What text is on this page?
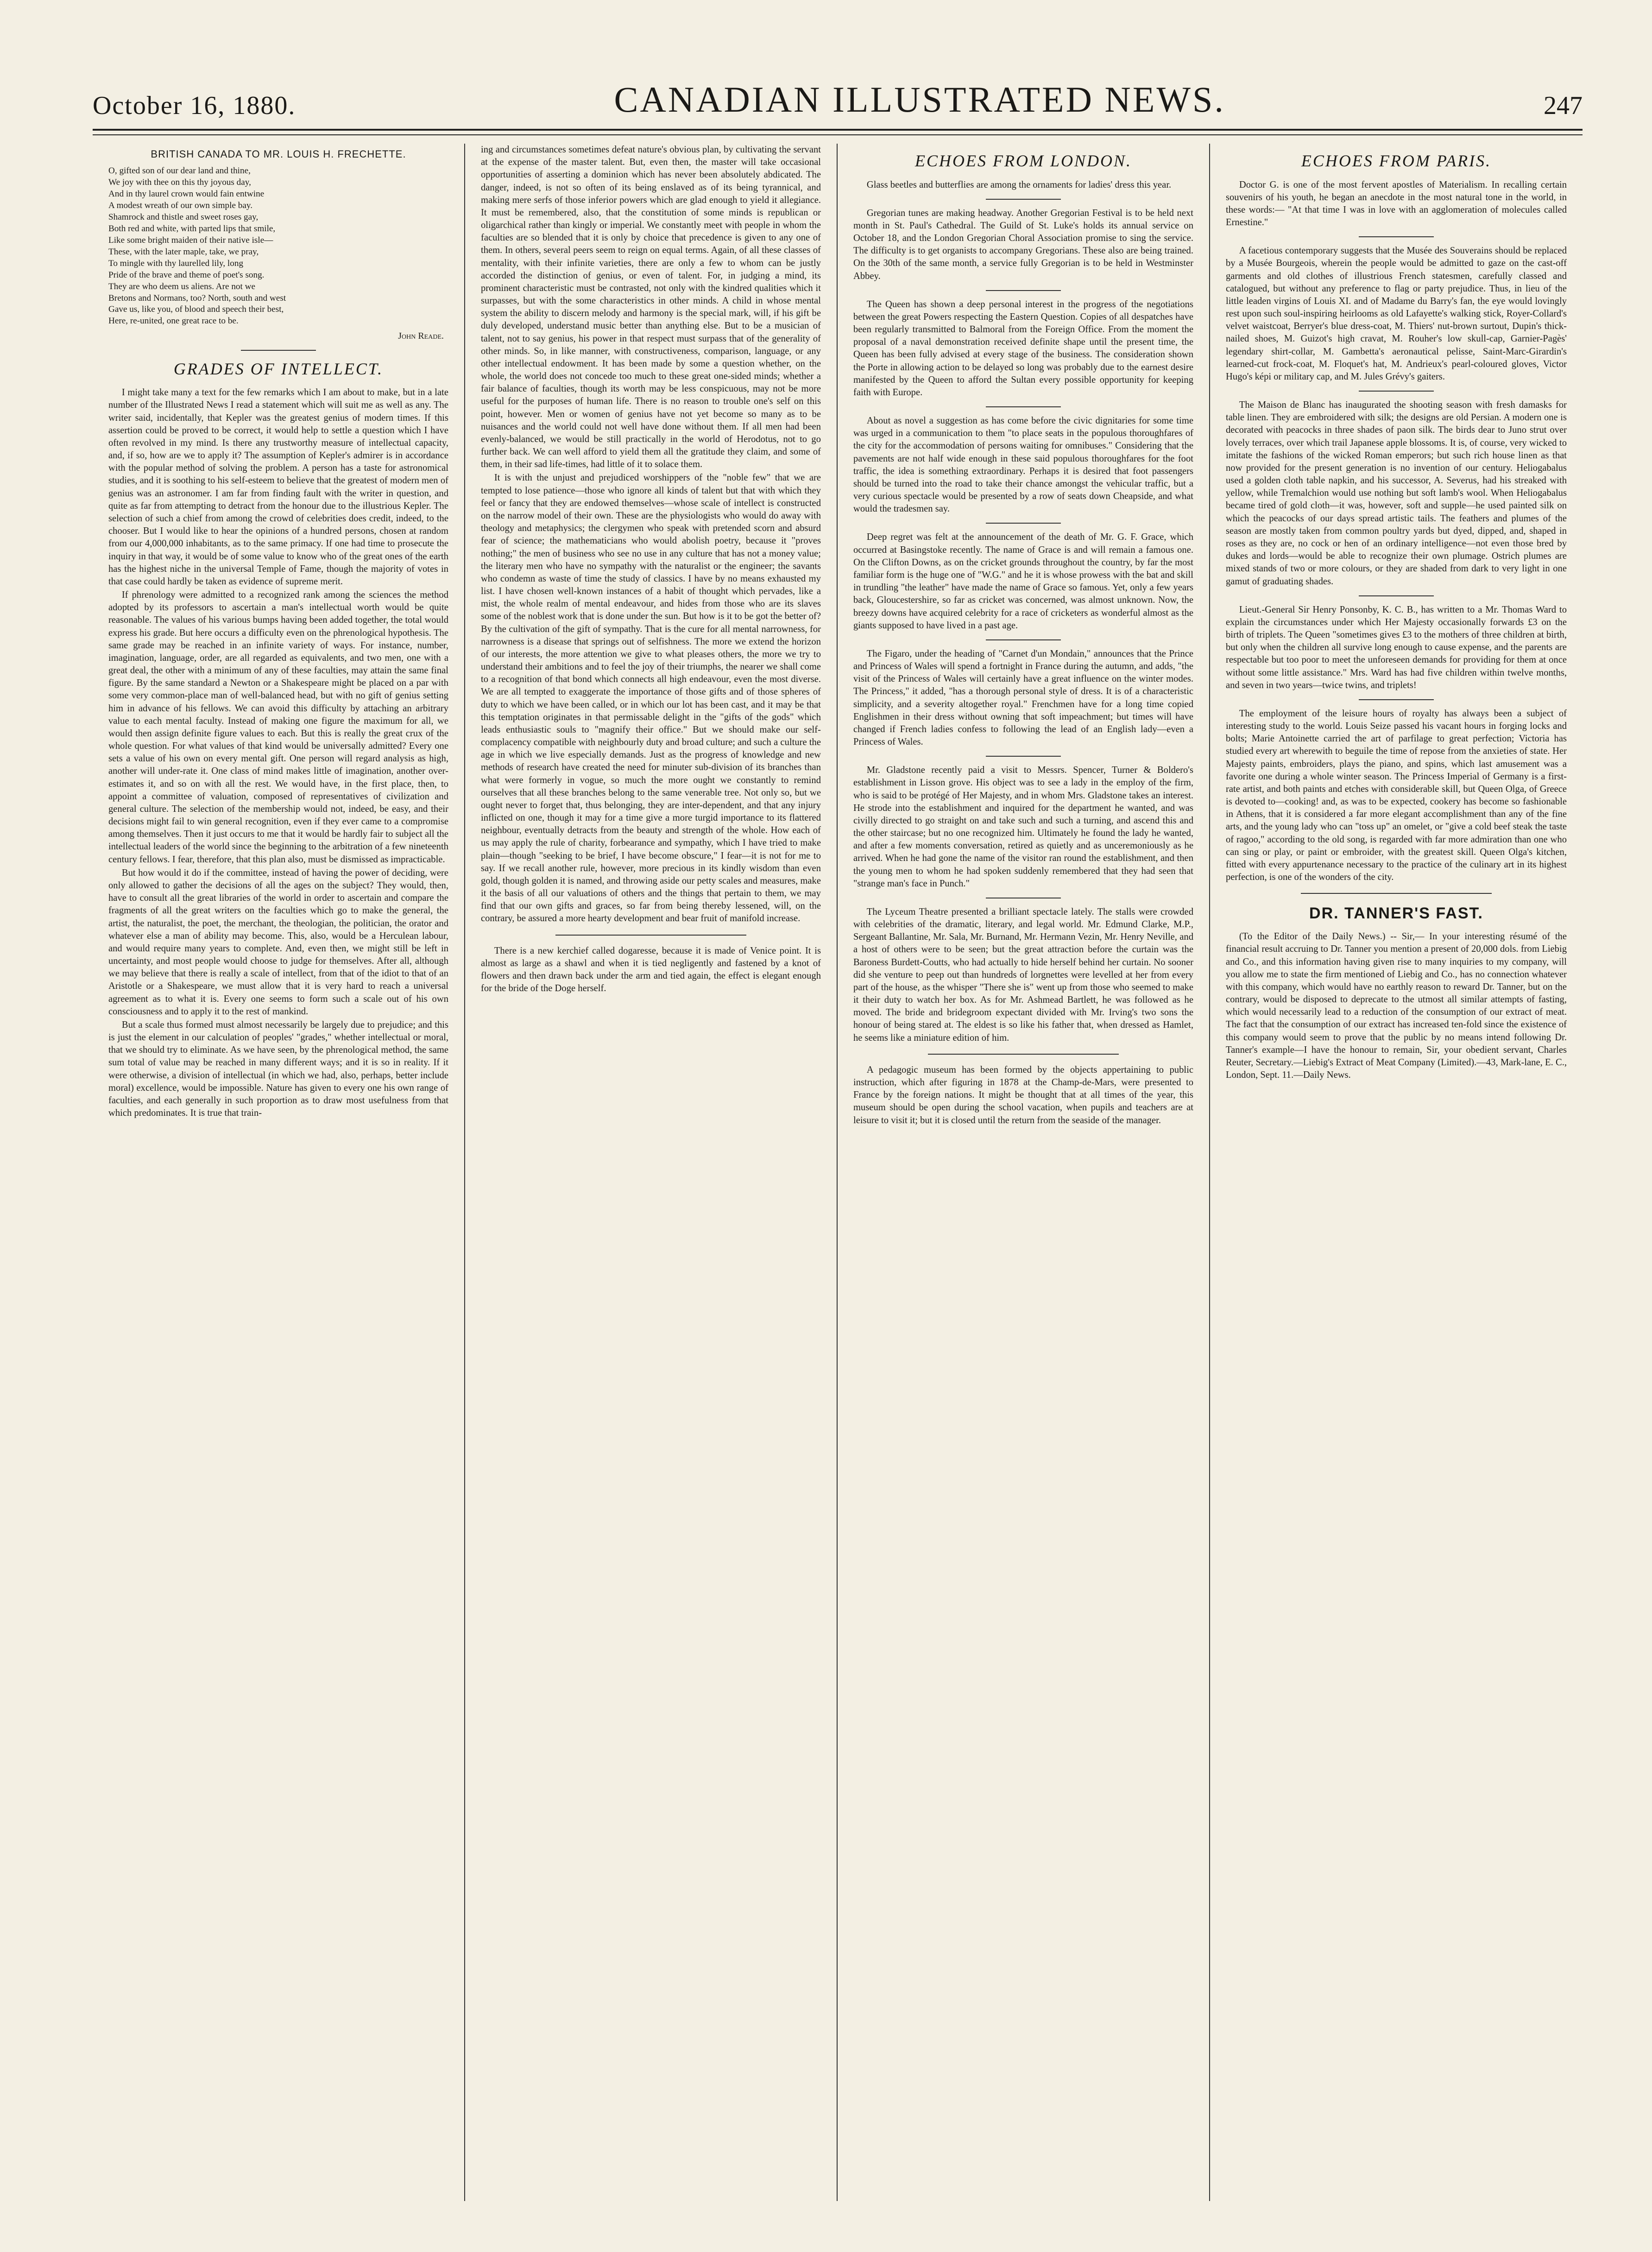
October 16, 1880.	CANADIAN ILLUSTRATED NEWS.	247
BRITISH CANADA TO MR. LOUIS H. FRECHETTE.

O, gifted son of our dear land and thine,

We joy with thee on this thy joyous day,

And in thy laurel crown would fain entwine

A modest wreath of our own simple bay.

Shamrock and thistle and sweet roses gay,

Both red and white, with parted lips that smile,

Like some bright maiden of their native isle—

These, with the later maple, take, we pray,

To mingle with thy laurelled lily, long

Pride of the brave and theme of poet's song.

They are who deem us aliens. Are not we

Bretons and Normans, too? North, south and west

Gave us, like you, of blood and speech their best,

Here, re-united, one great race to be.

John Reade.
GRADES OF INTELLECT.

I might take many a text for the few remarks which I am about to make, but in a late number of the Illustrated News I read a statement which will suit me as well as any. The writer said, incidentally, that Kepler was the greatest genius of modern times. If this assertion could be proved to be correct, it would help to settle a question which I have often revolved in my mind. Is there any trustworthy measure of intellectual capacity, and, if so, how are we to apply it? The assumption of Kepler's admirer is in accordance with the popular method of solving the problem. A person has a taste for astronomical studies, and it is soothing to his self-esteem to believe that the greatest of modern men of genius was an astronomer. I am far from finding fault with the writer in question, and quite as far from attempting to detract from the honour due to the illustrious Kepler. The selection of such a chief from among the crowd of celebrities does credit, indeed, to the chooser. But I would like to hear the opinions of a hundred persons, chosen at random from our 4,000,000 inhabitants, as to the same primacy. If one had time to prosecute the inquiry in that way, it would be of some value to know who of the great ones of the earth has the highest niche in the universal Temple of Fame, though the majority of votes in that case could hardly be taken as evidence of supreme merit.

If phrenology were admitted to a recognized rank among the sciences the method adopted by its professors to ascertain a man's intellectual worth would be quite reasonable. The values of his various bumps having been added together, the total would express his grade. But here occurs a difficulty even on the phrenological hypothesis. The same grade may be reached in an infinite variety of ways. For instance, number, imagination, language, order, are all regarded as equivalents, and two men, one with a great deal, the other with a minimum of any of these faculties, may attain the same final figure. By the same standard a Newton or a Shakespeare might be placed on a par with some very common-place man of well-balanced head, but with no gift of genius setting him in advance of his fellows. We can avoid this difficulty by attaching an arbitrary value to each mental faculty. Instead of making one figure the maximum for all, we would then assign definite figure values to each. But this is really the great crux of the whole question. For what values of that kind would be universally admitted? Every one sets a value of his own on every mental gift. One person will regard analysis as high, another will under-rate it. One class of mind makes little of imagination, another over-estimates it, and so on with all the rest. We would have, in the first place, then, to appoint a committee of valuation, composed of representatives of civilization and general culture. The selection of the membership would not, indeed, be easy, and their decisions might fail to win general recognition, even if they ever came to a compromise among themselves. Then it just occurs to me that it would be hardly fair to subject all the intellectual leaders of the world since the beginning to the arbitration of a few nineteenth century fellows. I fear, therefore, that this plan also, must be dismissed as impracticable.

But how would it do if the committee, instead of having the power of deciding, were only allowed to gather the decisions of all the ages on the subject? They would, then, have to consult all the great libraries of the world in order to ascertain and compare the fragments of all the great writers on the faculties which go to make the general, the artist, the naturalist, the poet, the merchant, the theologian, the politician, the orator and whatever else a man of ability may become. This, also, would be a Herculean labour, and would require many years to complete. And, even then, we might still be left in uncertainty, and most people would choose to judge for themselves. After all, although we may believe that there is really a scale of intellect, from that of the idiot to that of an Aristotle or a Shakespeare, we must allow that it is very hard to reach a universal agreement as to what it is. Every one seems to form such a scale out of his own consciousness and to apply it to the rest of mankind.

But a scale thus formed must almost necessarily be largely due to prejudice; and this is just the element in our calculation of peoples' "grades," whether intellectual or moral, that we should try to eliminate. As we have seen, by the phrenological method, the same sum total of value may be reached in many different ways; and it is so in reality. If it were otherwise, a division of intellectual (in which we had, also, perhaps, better include moral) excellence, would be impossible. Nature has given to every one his own range of faculties, and each generally in such proportion as to draw most usefulness from that which predominates. It is true that train-

ing and circumstances sometimes defeat nature's obvious plan, by cultivating the servant at the expense of the master talent. But, even then, the master will take occasional opportunities of asserting a dominion which has never been absolutely abdicated. The danger, indeed, is not so often of its being enslaved as of its being tyrannical, and making mere serfs of those inferior powers which are glad enough to yield it allegiance. It must be remembered, also, that the constitution of some minds is republican or oligarchical rather than kingly or imperial. We constantly meet with people in whom the faculties are so blended that it is only by choice that precedence is given to any one of them. In others, several peers seem to reign on equal terms. Again, of all these classes of mentality, with their infinite varieties, there are only a few to whom can be justly accorded the distinction of genius, or even of talent. For, in judging a mind, its prominent characteristic must be contrasted, not only with the kindred qualities which it surpasses, but with the some characteristics in other minds. A child in whose mental system the ability to discern melody and harmony is the special mark, will, if his gift be duly developed, understand music better than anything else. But to be a musician of talent, not to say genius, his power in that respect must surpass that of the generality of other minds. So, in like manner, with constructiveness, comparison, language, or any other intellectual endowment. It has been made by some a question whether, on the whole, the world does not concede too much to these great one-sided minds; whether a fair balance of faculties, though its worth may be less conspicuous, may not be more useful for the purposes of human life. There is no reason to trouble one's self on this point, however. Men or women of genius have not yet become so many as to be nuisances and the world could not well have done without them. If all men had been evenly-balanced, we would be still practically in the world of Herodotus, not to go further back. We can well afford to yield them all the gratitude they claim, and some of them, in their sad life-times, had little of it to solace them.

It is with the unjust and prejudiced worshippers of the "noble few" that we are tempted to lose patience—those who ignore all kinds of talent but that with which they feel or fancy that they are endowed themselves—whose scale of intellect is constructed on the narrow model of their own. These are the physiologists who would do away with theology and metaphysics; the clergymen who speak with pretended scorn and absurd fear of science; the mathematicians who would abolish poetry, because it "proves nothing;" the men of business who see no use in any culture that has not a money value; the literary men who have no sympathy with the naturalist or the engineer; the savants who condemn as waste of time the study of classics. I have by no means exhausted my list. I have chosen well-known instances of a habit of thought which pervades, like a mist, the whole realm of mental endeavour, and hides from those who are its slaves some of the noblest work that is done under the sun. But how is it to be got the better of? By the cultivation of the gift of sympathy. That is the cure for all mental narrowness, for narrowness is a disease that springs out of selfishness. The more we extend the horizon of our interests, the more attention we give to what pleases others, the more we try to understand their ambitions and to feel the joy of their triumphs, the nearer we shall come to a recognition of that bond which connects all high endeavour, even the most diverse. We are all tempted to exaggerate the importance of those gifts and of those spheres of duty to which we have been called, or in which our lot has been cast, and it may be that this temptation originates in that permissable delight in the "gifts of the gods" which leads enthusiastic souls to "magnify their office." But we should make our self-complacency compatible with neighbourly duty and broad culture; and such a culture the age in which we live especially demands. Just as the progress of knowledge and new methods of research have created the need for minuter sub-division of its branches than what were formerly in vogue, so much the more ought we constantly to remind ourselves that all these branches belong to the same venerable tree. Not only so, but we ought never to forget that, thus belonging, they are inter-dependent, and that any injury inflicted on one, though it may for a time give a more turgid importance to its flattered neighbour, eventually detracts from the beauty and strength of the whole. How each of us may apply the rule of charity, forbearance and sympathy, which I have tried to make plain—though "seeking to be brief, I have become obscure," I fear—it is not for me to say. If we recall another rule, however, more precious in its kindly wisdom than even gold, though golden it is named, and throwing aside our petty scales and measures, make it the basis of all our valuations of others and the things that pertain to them, we may find that our own gifts and graces, so far from being thereby lessened, will, on the contrary, be assured a more hearty development and bear fruit of manifold increase.

There is a new kerchief called dogaresse, because it is made of Venice point. It is almost as large as a shawl and when it is tied negligently and fastened by a knot of flowers and then drawn back under the arm and tied again, the effect is elegant enough for the bride of the Doge herself.

ECHOES FROM LONDON.

Glass beetles and butterflies are among the ornaments for ladies' dress this year.

Gregorian tunes are making headway. Another Gregorian Festival is to be held next month in St. Paul's Cathedral. The Guild of St. Luke's holds its annual service on October 18, and the London Gregorian Choral Association promise to sing the service. The difficulty is to get organists to accompany Gregorians. These also are being trained. On the 30th of the same month, a service fully Gregorian is to be held in Westminster Abbey.

The Queen has shown a deep personal interest in the progress of the negotiations between the great Powers respecting the Eastern Question. Copies of all despatches have been regularly transmitted to Balmoral from the Foreign Office. From the moment the proposal of a naval demonstration received definite shape until the present time, the Queen has been fully advised at every stage of the business. The consideration shown the Porte in allowing action to be delayed so long was probably due to the earnest desire manifested by the Queen to afford the Sultan every possible opportunity for keeping faith with Europe.

About as novel a suggestion as has come before the civic dignitaries for some time was urged in a communication to them "to place seats in the populous thoroughfares of the city for the accommodation of persons waiting for omnibuses." Considering that the pavements are not half wide enough in these said populous thoroughfares for the foot traffic, the idea is something extraordinary. Perhaps it is desired that foot passengers should be turned into the road to take their chance amongst the vehicular traffic, but a very curious spectacle would be presented by a row of seats down Cheapside, and what would the tradesmen say.

Deep regret was felt at the announcement of the death of Mr. G. F. Grace, which occurred at Basingstoke recently. The name of Grace is and will remain a famous one. On the Clifton Downs, as on the cricket grounds throughout the country, by far the most familiar form is the huge one of "W.G." and he it is whose prowess with the bat and skill in trundling "the leather" have made the name of Grace so famous. Yet, only a few years back, Gloucestershire, so far as cricket was concerned, was almost unknown. Now, the breezy downs have acquired celebrity for a race of cricketers as wonderful almost as the giants supposed to have lived in a past age.

The Figaro, under the heading of "Carnet d'un Mondain," announces that the Prince and Princess of Wales will spend a fortnight in France during the autumn, and adds, "the visit of the Princess of Wales will certainly have a great influence on the winter modes. The Princess," it added, "has a thorough personal style of dress. It is of a characteristic simplicity, and a severity altogether royal." Frenchmen have for a long time copied Englishmen in their dress without owning that soft impeachment; but times will have changed if French ladies confess to following the lead of an English lady—even a Princess of Wales.

Mr. Gladstone recently paid a visit to Messrs. Spencer, Turner & Boldero's establishment in Lisson grove. His object was to see a lady in the employ of the firm, who is said to be protégé of Her Majesty, and in whom Mrs. Gladstone takes an interest. He strode into the establishment and inquired for the department he wanted, and was civilly directed to go straight on and take such and such a turning, and ascend this and the other staircase; but no one recognized him. Ultimately he found the lady he wanted, and after a few moments conversation, retired as quietly and as unceremoniously as he arrived. When he had gone the name of the visitor ran round the establishment, and then the young men to whom he had spoken suddenly remembered that they had seen that "strange man's face in Punch."

The Lyceum Theatre presented a brilliant spectacle lately. The stalls were crowded with celebrities of the dramatic, literary, and legal world. Mr. Edmund Clarke, M.P., Sergeant Ballantine, Mr. Sala, Mr. Burnand, Mr. Hermann Vezin, Mr. Henry Neville, and a host of others were to be seen; but the great attraction before the curtain was the Baroness Burdett-Coutts, who had actually to hide herself behind her curtain. No sooner did she venture to peep out than hundreds of lorgnettes were levelled at her from every part of the house, as the whisper "There she is" went up from those who seemed to make it their duty to watch her box. As for Mr. Ashmead Bartlett, he was followed as he moved. The bride and bridegroom expectant divided with Mr. Irving's two sons the honour of being stared at. The eldest is so like his father that, when dressed as Hamlet, he seems like a miniature edition of him.

A pedagogic museum has been formed by the objects appertaining to public instruction, which after figuring in 1878 at the Champ-de-Mars, were presented to France by the foreign nations. It might be thought that at all times of the year, this museum should be open during the school vacation, when pupils and teachers are at leisure to visit it; but it is closed until the return from the seaside of the manager.

ECHOES FROM PARIS.

Doctor G. is one of the most fervent apostles of Materialism. In recalling certain souvenirs of his youth, he began an anecdote in the most natural tone in the world, in these words:— "At that time I was in love with an agglomeration of molecules called Ernestine."

A facetious contemporary suggests that the Musée des Souverains should be replaced by a Musée Bourgeois, wherein the people would be admitted to gaze on the cast-off garments and old clothes of illustrious French statesmen, carefully classed and catalogued, but without any preference to flag or party prejudice. Thus, in lieu of the little leaden virgins of Louis XI. and of Madame du Barry's fan, the eye would lovingly rest upon such soul-inspiring heirlooms as old Lafayette's walking stick, Royer-Collard's velvet waistcoat, Berryer's blue dress-coat, M. Thiers' nut-brown surtout, Dupin's thick-nailed shoes, M. Guizot's high cravat, M. Rouher's low skull-cap, Garnier-Pagès' legendary shirt-collar, M. Gambetta's aeronautical pelisse, Saint-Marc-Girardin's learned-cut frock-coat, M. Floquet's hat, M. Andrieux's pearl-coloured gloves, Victor Hugo's képi or military cap, and M. Jules Grévy's gaiters.

The Maison de Blanc has inaugurated the shooting season with fresh damasks for table linen. They are embroidered with silk; the designs are old Persian. A modern one is decorated with peacocks in three shades of paon silk. The birds dear to Juno strut over lovely terraces, over which trail Japanese apple blossoms. It is, of course, very wicked to imitate the fashions of the wicked Roman emperors; but such rich house linen as that now provided for the present generation is no invention of our century. Heliogabalus used a golden cloth table napkin, and his successor, A. Severus, had his streaked with yellow, while Tremalchion would use nothing but soft lamb's wool. When Heliogabalus became tired of gold cloth—it was, however, soft and supple—he used painted silk on which the peacocks of our days spread artistic tails. The feathers and plumes of the season are mostly taken from common poultry yards but dyed, dipped, and, shaped in roses as they are, no cock or hen of an ordinary intelligence—not even those bred by dukes and lords—would be able to recognize their own plumage. Ostrich plumes are mixed stands of two or more colours, or they are shaded from dark to very light in one gamut of graduating shades.

Lieut.-General Sir Henry Ponsonby, K. C. B., has written to a Mr. Thomas Ward to explain the circumstances under which Her Majesty occasionally forwards £3 on the birth of triplets. The Queen "sometimes gives £3 to the mothers of three children at birth, but only when the children all survive long enough to cause expense, and the parents are respectable but too poor to meet the unforeseen demands for providing for them at once without some little assistance." Mrs. Ward has had five children within twelve months, and seven in two years—twice twins, and triplets!

The employment of the leisure hours of royalty has always been a subject of interesting study to the world. Louis Seize passed his vacant hours in forging locks and bolts; Marie Antoinette carried the art of parfilage to great perfection; Victoria has studied every art wherewith to beguile the time of repose from the anxieties of state. Her Majesty paints, embroiders, plays the piano, and spins, which last amusement was a favorite one during a whole winter season. The Princess Imperial of Germany is a first-rate artist, and both paints and etches with considerable skill, but Queen Olga, of Greece is devoted to—cooking! and, as was to be expected, cookery has become so fashionable in Athens, that it is considered a far more elegant accomplishment than any of the fine arts, and the young lady who can "toss up" an omelet, or "give a cold beef steak the taste of ragoo," according to the old song, is regarded with far more admiration than one who can sing or play, or paint or embroider, with the greatest skill. Queen Olga's kitchen, fitted with every appurtenance necessary to the practice of the culinary art in its highest perfection, is one of the wonders of the city.

DR. TANNER'S FAST.

(To the Editor of the Daily News.) -- Sir,— In your interesting résumé of the financial result accruing to Dr. Tanner you mention a present of 20,000 dols. from Liebig and Co., and this information having given rise to many inquiries to my company, will you allow me to state the firm mentioned of Liebig and Co., has no connection whatever with this company, which would have no earthly reason to reward Dr. Tanner, but on the contrary, would be disposed to deprecate to the utmost all similar attempts of fasting, which would necessarily lead to a reduction of the consumption of our extract of meat. The fact that the consumption of our extract has increased ten-fold since the existence of this company would seem to prove that the public by no means intend following Dr. Tanner's example—I have the honour to remain, Sir, your obedient servant, Charles Reuter, Secretary.—Liebig's Extract of Meat Company (Limited).—43, Mark-lane, E. C., London, Sept. 11.—Daily News.
